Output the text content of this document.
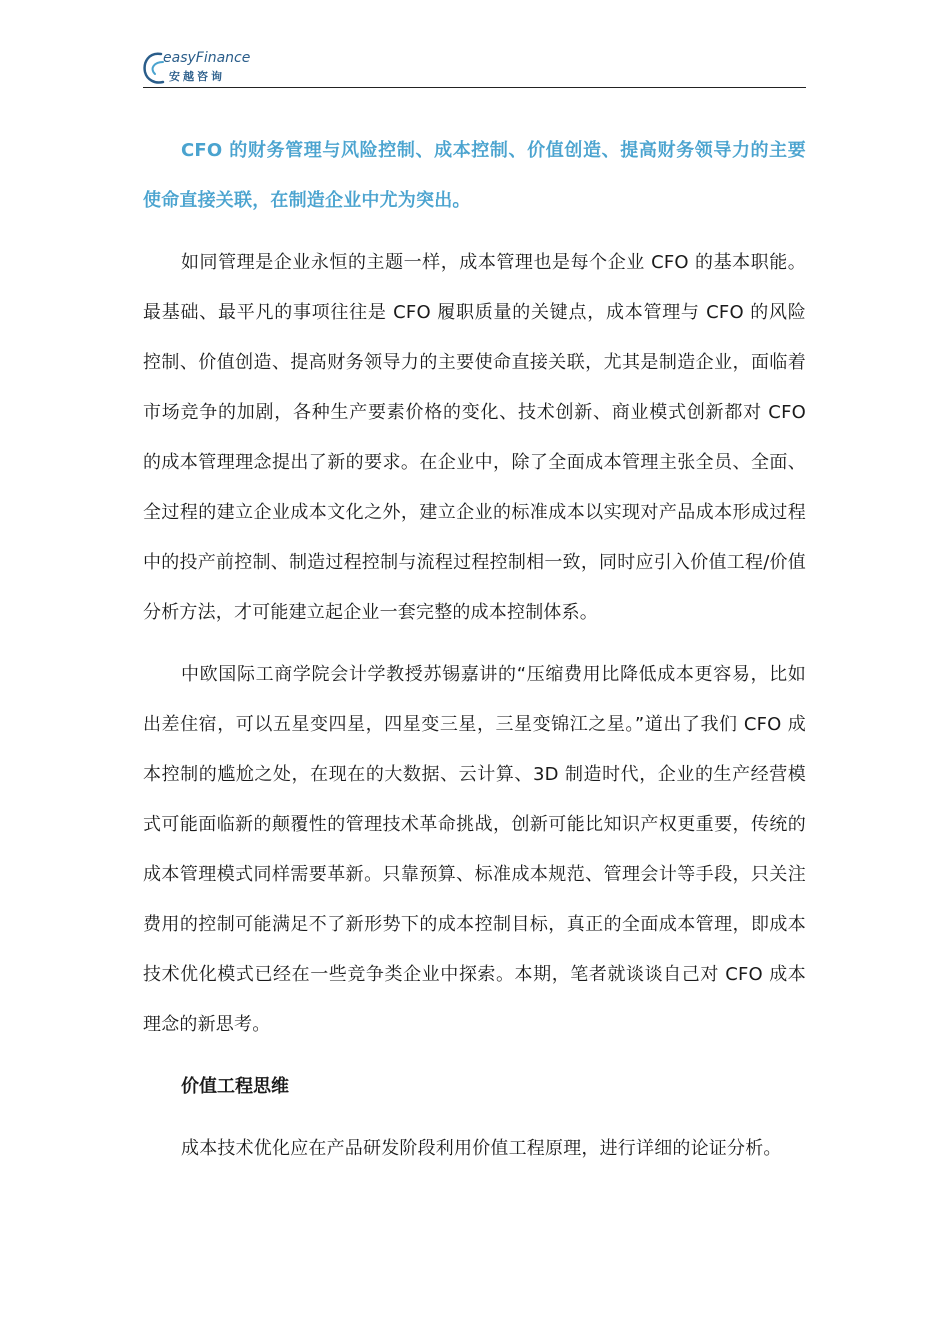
easyFinance
安越咨询

CFO 的财务管理与风险控制、成本控制、价值创造、提高财务领导力的主要使命直接关联，在制造企业中尤为突出。

如同管理是企业永恒的主题一样，成本管理也是每个企业 CFO 的基本职能。最基础、最平凡的事项往往是 CFO 履职质量的关键点，成本管理与 CFO 的风险控制、价值创造、提高财务领导力的主要使命直接关联，尤其是制造企业，面临着市场竞争的加剧，各种生产要素价格的变化、技术创新、商业模式创新都对 CFO 的成本管理理念提出了新的要求。在企业中，除了全面成本管理主张全员、全面、全过程的建立企业成本文化之外，建立企业的标准成本以实现对产品成本形成过程中的投产前控制、制造过程控制与流程过程控制相一致，同时应引入价值工程/价值分析方法，才可能建立起企业一套完整的成本控制体系。

中欧国际工商学院会计学教授苏锡嘉讲的“压缩费用比降低成本更容易，比如出差住宿，可以五星变四星，四星变三星，三星变锦江之星。”道出了我们 CFO 成本控制的尴尬之处，在现在的大数据、云计算、3D 制造时代，企业的生产经营模式可能面临新的颠覆性的管理技术革命挑战，创新可能比知识产权更重要，传统的成本管理模式同样需要革新。只靠预算、标准成本规范、管理会计等手段，只关注费用的控制可能满足不了新形势下的成本控制目标，真正的全面成本管理，即成本技术优化模式已经在一些竞争类企业中探索。本期，笔者就谈谈自己对 CFO 成本理念的新思考。

价值工程思维

成本技术优化应在产品研发阶段利用价值工程原理，进行详细的论证分析。
